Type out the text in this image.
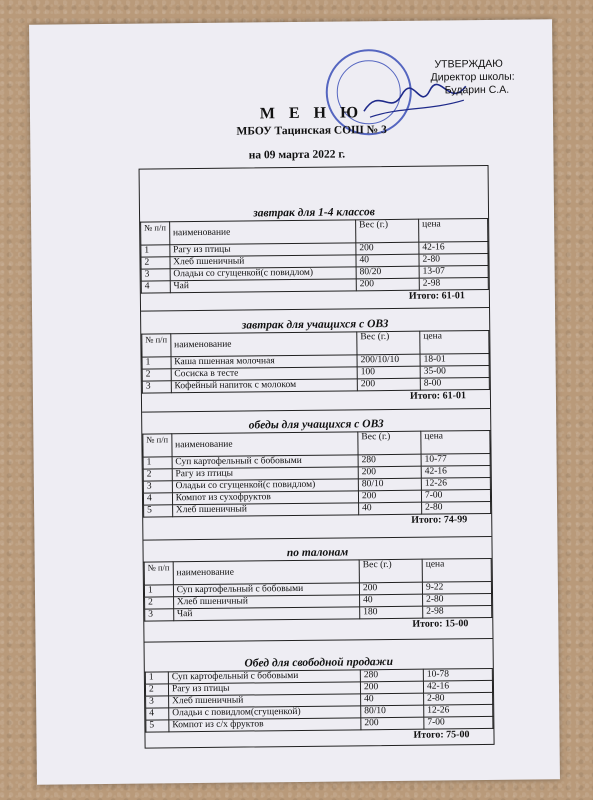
УТВЕРЖДАЮ
Директор школы:
Бударин С.А.
М Е Н Ю
МБОУ Тацинская СОШ № 3
на 09 марта 2022 г.
завтрак для 1-4 классов
№ п/п	наименование	Вес (г.)	цена
1	Рагу из птицы	200	42-16
2	Хлеб пшеничный	40	2-80
3	Оладьи со сгущенкой(с повидлом)	80/20	13-07
4	Чай	200	2-98
Итого: 61-01
завтрак для учащихся с ОВЗ
№ п/п	наименование	Вес (г.)	цена
1	Каша пшенная молочная	200/10/10	18-01
2	Сосиска в тесте	100	35-00
3	Кофейный напиток с молоком	200	8-00
Итого: 61-01
обеды для учащихся с ОВЗ
№ п/п	наименование	Вес (г.)	цена
1	Суп картофельный с бобовыми	280	10-77
2	Рагу из птицы	200	42-16
3	Оладьи со сгущенкой(с повидлом)	80/10	12-26
4	Компот из сухофруктов	200	7-00
5	Хлеб пшеничный	40	2-80
Итого: 74-99
по талонам
№ п/п	наименование	Вес (г.)	цена
1	Суп картофельный с бобовыми	200	9-22
2	Хлеб пшеничный	40	2-80
3	Чай	180	2-98
Итого: 15-00
Обед для свободной продажи
1	Суп картофельный с бобовыми	280	10-78
2	Рагу из птицы	200	42-16
3	Хлеб пшеничный	40	2-80
4	Оладьи с повидлом(сгущенкой)	80/10	12-26
5	Компот из с/х фруктов	200	7-00
Итого: 75-00
